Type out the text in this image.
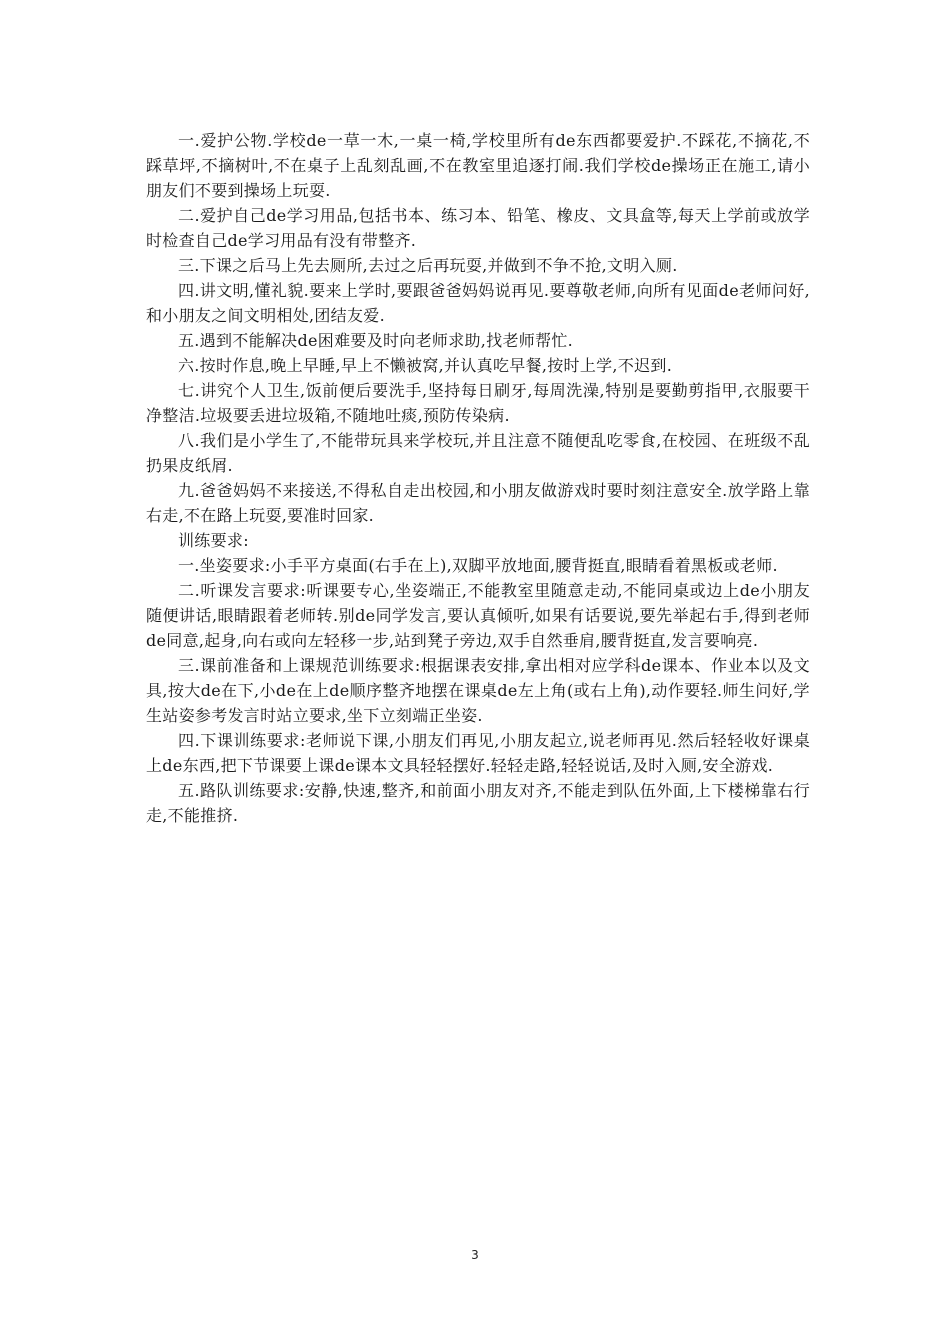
一.爱护公物.学校de一草一木,一桌一椅,学校里所有de东西都要爱护.不踩花,不摘花,不踩草坪,不摘树叶,不在桌子上乱刻乱画,不在教室里追逐打闹.我们学校de操场正在施工,请小朋友们不要到操场上玩耍.

二.爱护自己de学习用品,包括书本、练习本、铅笔、橡皮、文具盒等,每天上学前或放学时检查自己de学习用品有没有带整齐.

三.下课之后马上先去厕所,去过之后再玩耍,并做到不争不抢,文明入厕.

四.讲文明,懂礼貌.要来上学时,要跟爸爸妈妈说再见.要尊敬老师,向所有见面de老师问好,和小朋友之间文明相处,团结友爱.

五.遇到不能解决de困难要及时向老师求助,找老师帮忙.

六.按时作息,晚上早睡,早上不懒被窝,并认真吃早餐,按时上学,不迟到.

七.讲究个人卫生,饭前便后要洗手,坚持每日刷牙,每周洗澡,特别是要勤剪指甲,衣服要干净整洁.垃圾要丢进垃圾箱,不随地吐痰,预防传染病.

八.我们是小学生了,不能带玩具来学校玩,并且注意不随便乱吃零食,在校园、在班级不乱扔果皮纸屑.

九.爸爸妈妈不来接送,不得私自走出校园,和小朋友做游戏时要时刻注意安全.放学路上靠右走,不在路上玩耍,要准时回家.

训练要求:

一.坐姿要求:小手平方桌面(右手在上),双脚平放地面,腰背挺直,眼睛看着黑板或老师.

二.听课发言要求:听课要专心,坐姿端正,不能教室里随意走动,不能同桌或边上de小朋友随便讲话,眼睛跟着老师转.别de同学发言,要认真倾听,如果有话要说,要先举起右手,得到老师de同意,起身,向右或向左轻移一步,站到凳子旁边,双手自然垂肩,腰背挺直,发言要响亮.

三.课前准备和上课规范训练要求:根据课表安排,拿出相对应学科de课本、作业本以及文具,按大de在下,小de在上de顺序整齐地摆在课桌de左上角(或右上角),动作要轻.师生问好,学生站姿参考发言时站立要求,坐下立刻端正坐姿.

四.下课训练要求:老师说下课,小朋友们再见,小朋友起立,说老师再见.然后轻轻收好课桌上de东西,把下节课要上课de课本文具轻轻摆好.轻轻走路,轻轻说话,及时入厕,安全游戏.

五.路队训练要求:安静,快速,整齐,和前面小朋友对齐,不能走到队伍外面,上下楼梯靠右行走,不能推挤.

3
